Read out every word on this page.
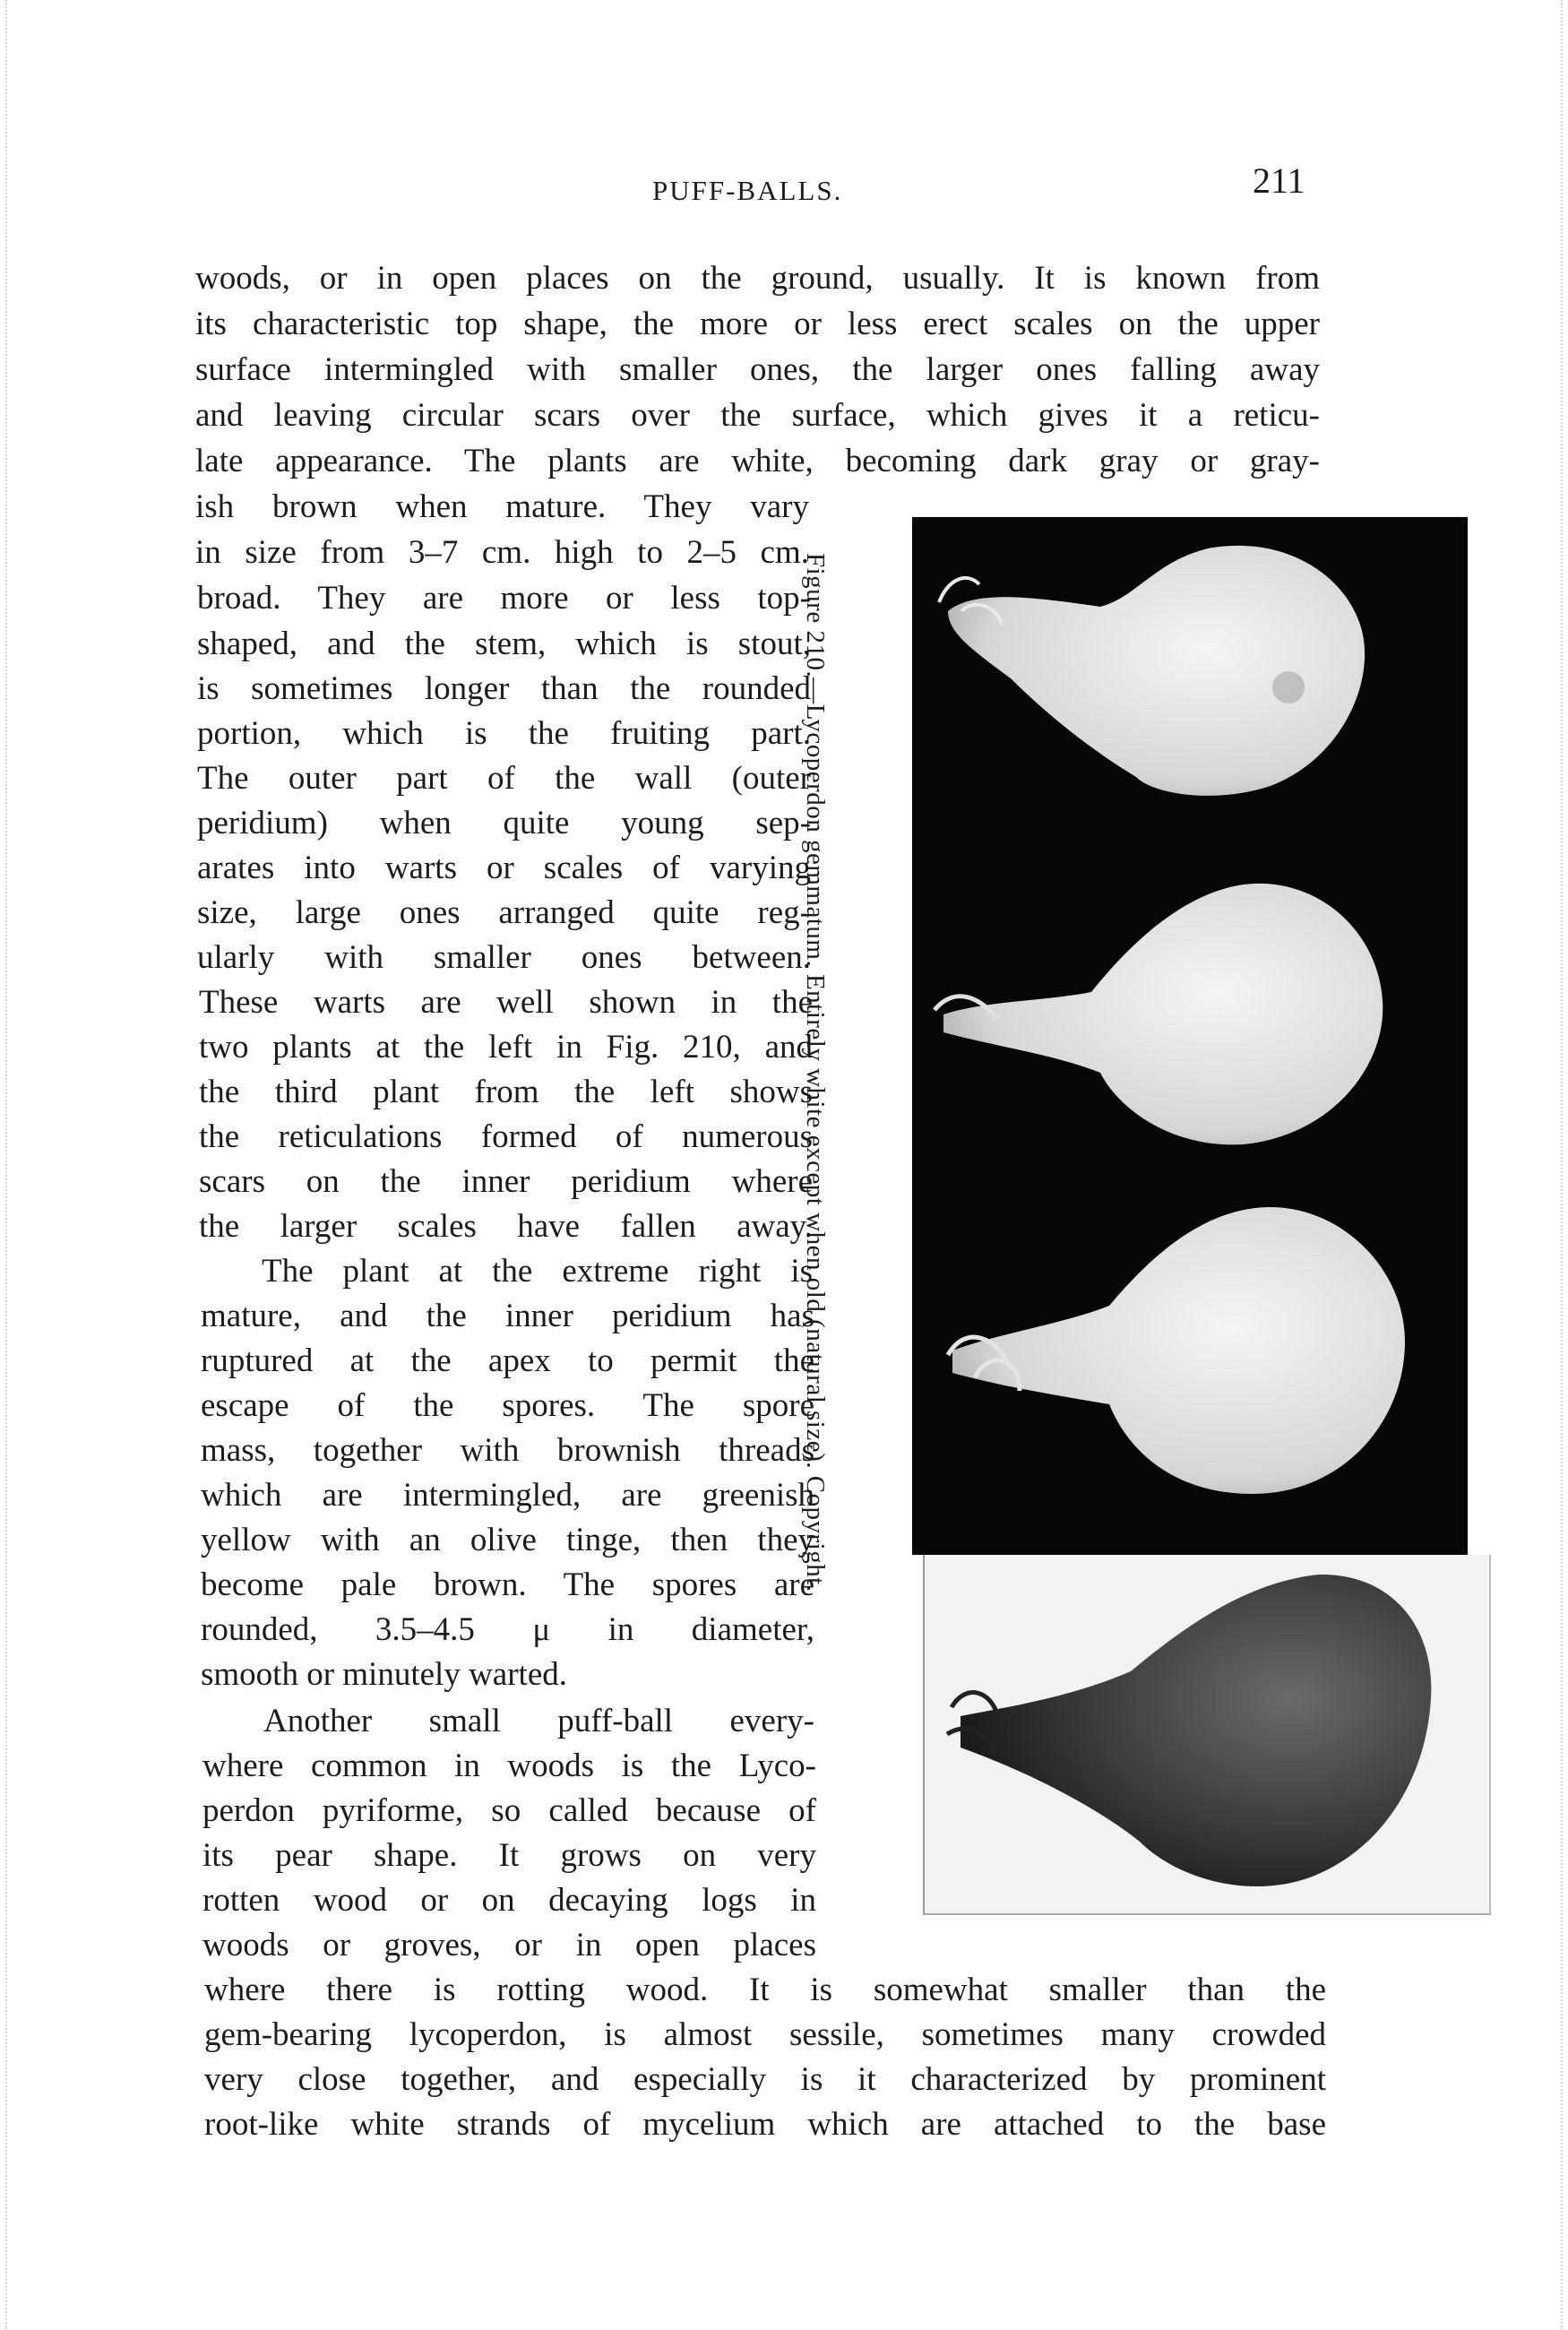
PUFF-BALLS.	211
woods, or in open places on the ground, usually. It is known from
its characteristic top shape, the more or less erect scales on the upper
surface intermingled with smaller ones, the larger ones falling away
and leaving circular scars over the surface, which gives it a reticu-
late appearance. The plants are white, becoming dark gray or gray-
ish brown when mature. They vary
in size from 3–7 cm. high to 2–5 cm.
broad. They are more or less top-
shaped, and the stem, which is stout,
is sometimes longer than the rounded
portion, which is the fruiting part.
The outer part of the wall (outer
peridium) when quite young sep-
arates into warts or scales of varying
size, large ones arranged quite reg-
ularly with smaller ones between.
These warts are well shown in the
two plants at the left in Fig. 210, and
the third plant from the left shows
the reticulations formed of numerous
scars on the inner peridium where
the larger scales have fallen away.
The plant at the extreme right is
mature, and the inner peridium has
ruptured at the apex to permit the
escape of the spores. The spore
mass, together with brownish threads
which are intermingled, are greenish
yellow with an olive tinge, then they
become pale brown. The spores are
rounded, 3.5–4.5 μ in diameter,
smooth or minutely warted.
Another small puff-ball every-
where common in woods is the Lyco-
perdon pyriforme, so called because of
its pear shape. It grows on very
rotten wood or on decaying logs in
woods or groves, or in open places
where there is rotting wood. It is somewhat smaller than the
gem-bearing lycoperdon, is almost sessile, sometimes many crowded
very close together, and especially is it characterized by prominent
root-like white strands of mycelium which are attached to the base
Figure 210.—Lycoperdon gemmatum. Entirely white except when old (natural size). Copyright.
